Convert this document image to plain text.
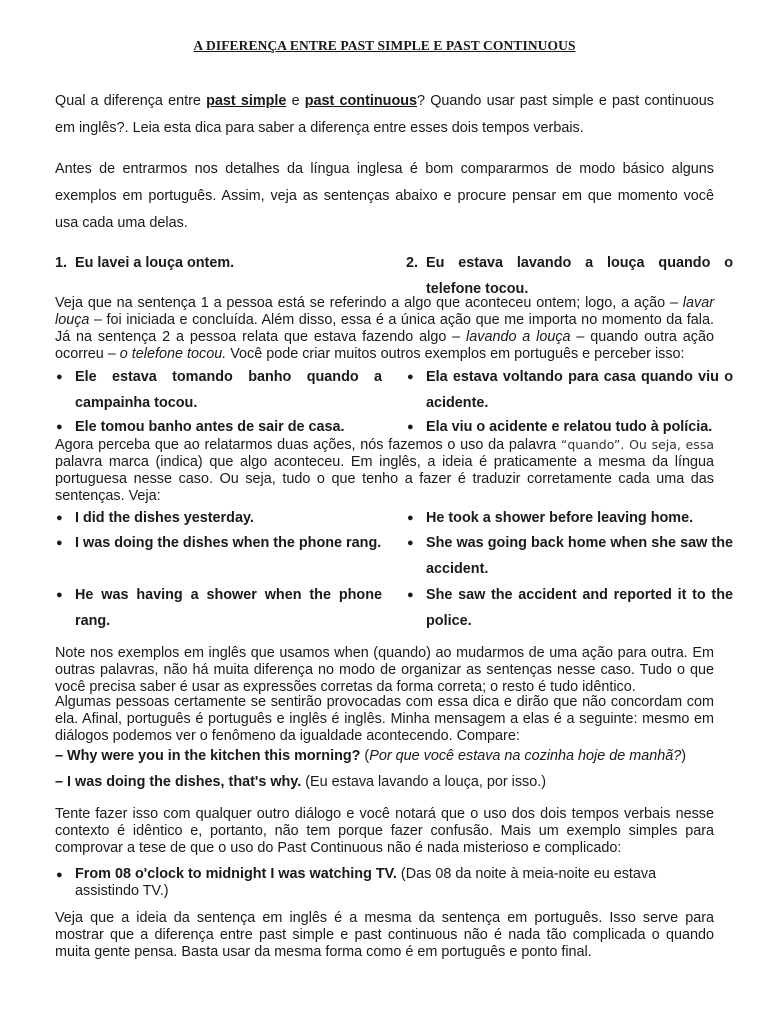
A DIFERENÇA ENTRE PAST SIMPLE E PAST CONTINUOUS
Qual a diferença entre past simple e past continuous? Quando usar past simple e past continuous em inglês?. Leia esta dica para saber a diferença entre esses dois tempos verbais.
Antes de entrarmos nos detalhes da língua inglesa é bom compararmos de modo básico alguns exemplos em português. Assim, veja as sentenças abaixo e procure pensar em que momento você usa cada uma delas.
1. Eu lavei a louça ontem.	2. Eu estava lavando a louça quando o telefone tocou.
Veja que na sentença 1 a pessoa está se referindo a algo que aconteceu ontem; logo, a ação – lavar louça – foi iniciada e concluída. Além disso, essa é a única ação que me importa no momento da fala. Já na sentença 2 a pessoa relata que estava fazendo algo – lavando a louça – quando outra ação ocorreu – o telefone tocou. Você pode criar muitos outros exemplos em português e perceber isso:
● Ele estava tomando banho quando a campainha tocou.
● Ele tomou banho antes de sair de casa.
● Ela estava voltando para casa quando viu o acidente.
● Ela viu o acidente e relatou tudo à polícia.
Agora perceba que ao relatarmos duas ações, nós fazemos o uso da palavra “quando”. Ou seja, essa palavra marca (indica) que algo aconteceu. Em inglês, a ideia é praticamente a mesma da língua portuguesa nesse caso. Ou seja, tudo o que tenho a fazer é traduzir corretamente cada uma das sentenças. Veja:
● I did the dishes yesterday.
● I was doing the dishes when the phone rang.
● He was having a shower when the phone rang.
● He took a shower before leaving home.
● She was going back home when she saw the accident.
● She saw the accident and reported it to the police.
Note nos exemplos em inglês que usamos when (quando) ao mudarmos de uma ação para outra. Em outras palavras, não há muita diferença no modo de organizar as sentenças nesse caso. Tudo o que você precisa saber é usar as expressões corretas da forma correta; o resto é tudo idêntico.
Algumas pessoas certamente se sentirão provocadas com essa dica e dirão que não concordam com ela. Afinal, português é português e inglês é inglês. Minha mensagem a elas é a seguinte: mesmo em diálogos podemos ver o fenômeno da igualdade acontecendo. Compare:
– Why were you in the kitchen this morning? (Por que você estava na cozinha hoje de manhã?)
– I was doing the dishes, that's why. (Eu estava lavando a louça, por isso.)
Tente fazer isso com qualquer outro diálogo e você notará que o uso dos dois tempos verbais nesse contexto é idêntico e, portanto, não tem porque fazer confusão. Mais um exemplo simples para comprovar a tese de que o uso do Past Continuous não é nada misterioso e complicado:
● From 08 o'clock to midnight I was watching TV. (Das 08 da noite à meia-noite eu estava assistindo TV.)
Veja que a ideia da sentença em inglês é a mesma da sentença em português. Isso serve para mostrar que a diferença entre past simple e past continuous não é nada tão complicada o quando muita gente pensa. Basta usar da mesma forma como é em português e ponto final.
